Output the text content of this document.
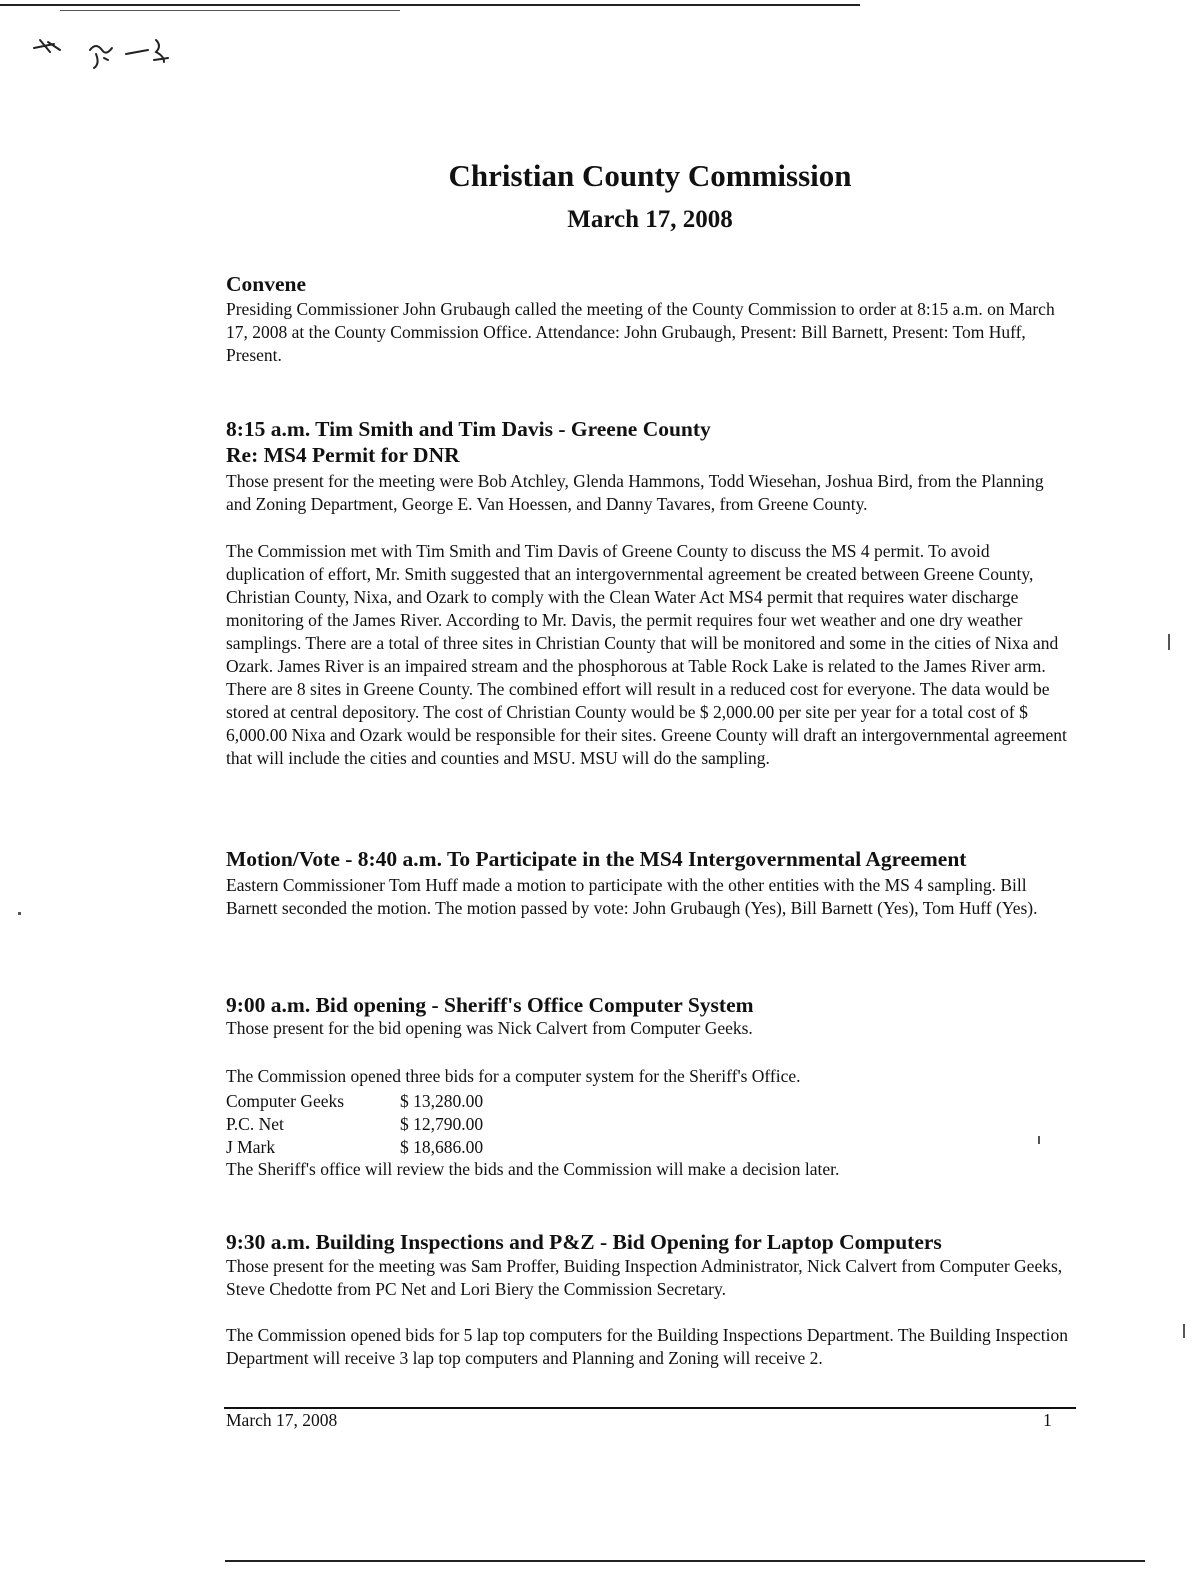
Christian County Commission
March 17, 2008
Convene

Presiding Commissioner John Grubaugh called the meeting of the County Commission to order at 8:15 a.m. on March 17, 2008 at the County Commission Office. Attendance: John Grubaugh, Present: Bill Barnett, Present: Tom Huff, Present.

8:15 a.m. Tim Smith and Tim Davis - Greene County
Re: MS4 Permit for DNR

Those present for the meeting were Bob Atchley, Glenda Hammons, Todd Wiesehan, Joshua Bird, from the Planning and Zoning Department, George E. Van Hoessen, and Danny Tavares, from Greene County.

The Commission met with Tim Smith and Tim Davis of Greene County to discuss the MS 4 permit. To avoid duplication of effort, Mr. Smith suggested that an intergovernmental agreement be created between Greene County, Christian County, Nixa, and Ozark to comply with the Clean Water Act MS4 permit that requires water discharge monitoring of the James River. According to Mr. Davis, the permit requires four wet weather and one dry weather samplings. There are a total of three sites in Christian County that will be monitored and some in the cities of Nixa and Ozark. James River is an impaired stream and the phosphorous at Table Rock Lake is related to the James River arm. There are 8 sites in Greene County. The combined effort will result in a reduced cost for everyone. The data would be stored at central depository. The cost of Christian County would be $ 2,000.00 per site per year for a total cost of $ 6,000.00 Nixa and Ozark would be responsible for their sites. Greene County will draft an intergovernmental agreement that will include the cities and counties and MSU. MSU will do the sampling.

Motion/Vote - 8:40 a.m. To Participate in the MS4 Intergovernmental Agreement

Eastern Commissioner Tom Huff made a motion to participate with the other entities with the MS 4 sampling. Bill Barnett seconded the motion. The motion passed by vote: John Grubaugh (Yes), Bill Barnett (Yes), Tom Huff (Yes).

9:00 a.m. Bid opening - Sheriff's Office Computer System

Those present for the bid opening was Nick Calvert from Computer Geeks.

The Commission opened three bids for a computer system for the Sheriff's Office.

Computer Geeks	$ 13,280.00
P.C. Net	$ 12,790.00
J Mark	$ 18,686.00

The Sheriff's office will review the bids and the Commission will make a decision later.

9:30 a.m. Building Inspections and P&Z - Bid Opening for Laptop Computers

Those present for the meeting was Sam Proffer, Buiding Inspection Administrator, Nick Calvert from Computer Geeks, Steve Chedotte from PC Net and Lori Biery the Commission Secretary.

The Commission opened bids for 5 lap top computers for the Building Inspections Department. The Building Inspection Department will receive 3 lap top computers and Planning and Zoning will receive 2.

March 17, 2008	1
